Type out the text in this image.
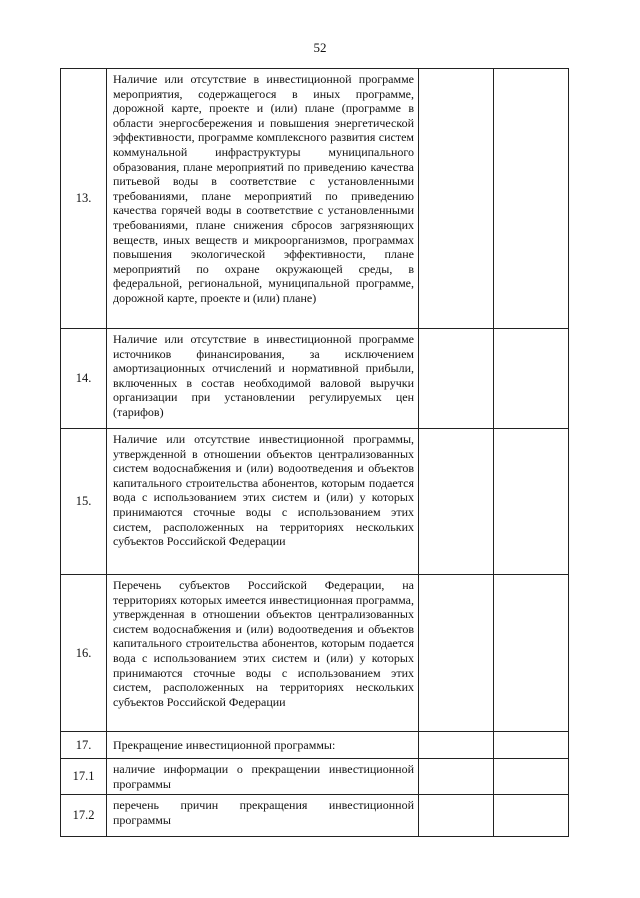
52
13.	Наличие или отсутствие в инвестиционной программе мероприятия, содержащегося в иных программе, дорожной карте, проекте и (или) плане (программе в области энергосбережения и повышения энергетической эффективности, программе комплексного развития систем коммунальной инфраструктуры муниципального образования, плане мероприятий по приведению качества питьевой воды в соответствие с установленными требованиями, плане мероприятий по приведению качества горячей воды в соответствие с установленными требованиями, плане снижения сбросов загрязняющих веществ, иных веществ и микроорганизмов, программах повышения экологической эффективности, плане мероприятий по охране окружающей среды, в федеральной, региональной, муниципальной программе, дорожной карте, проекте и (или) плане)		
14.	Наличие или отсутствие в инвестиционной программе источников финансирования, за исключением амортизационных отчислений и нормативной прибыли, включенных в состав необходимой валовой выручки организации при установлении регулируемых цен (тарифов)		
15.	Наличие или отсутствие инвестиционной программы, утвержденной в отношении объектов централизованных систем водоснабжения и (или) водоотведения и объектов капитального строительства абонентов, которым подается вода с использованием этих систем и (или) у которых принимаются сточные воды с использованием этих систем, расположенных на территориях нескольких субъектов Российской Федерации		
16.	Перечень субъектов Российской Федерации, на территориях которых имеется инвестиционная программа, утвержденная в отношении объектов централизованных систем водоснабжения и (или) водоотведения и объектов капитального строительства абонентов, которым подается вода с использованием этих систем и (или) у которых принимаются сточные воды с использованием этих систем, расположенных на территориях нескольких субъектов Российской Федерации		
17.	Прекращение инвестиционной программы:		
17.1	наличие информации о прекращении инвестиционной программы		
17.2	перечень причин прекращения инвестиционной программы		
